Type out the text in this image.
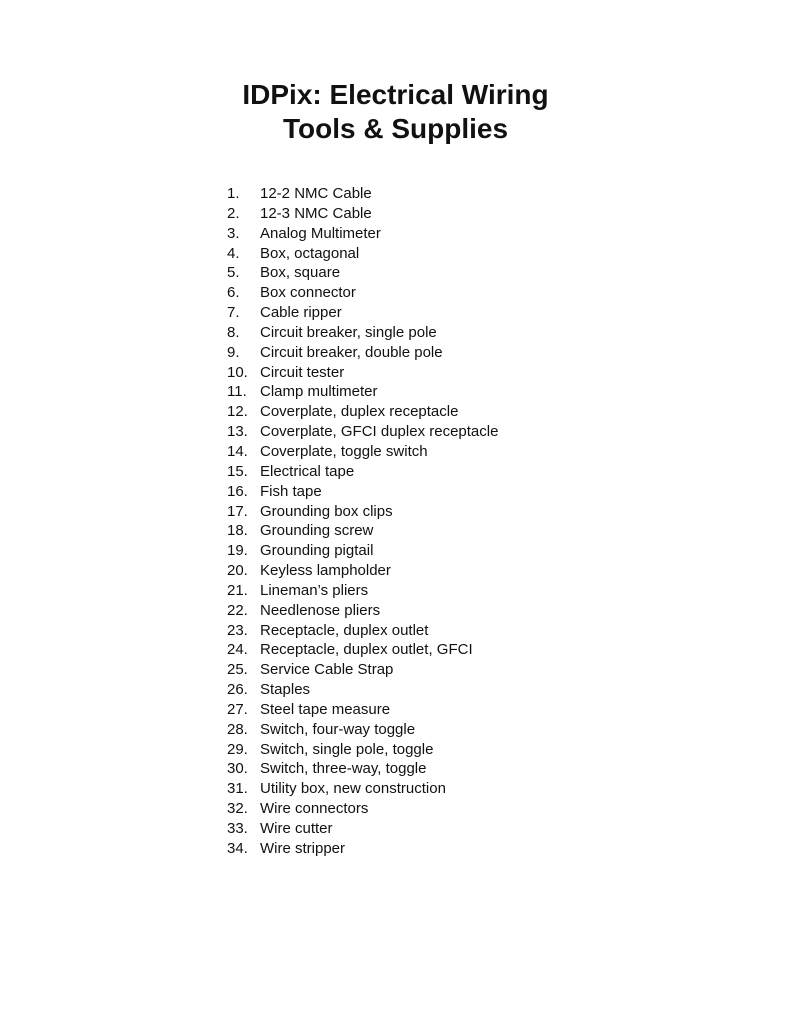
IDPix: Electrical Wiring
Tools & Supplies
1. 12-2 NMC Cable
2. 12-3 NMC Cable
3. Analog Multimeter
4. Box, octagonal
5. Box, square
6. Box connector
7. Cable ripper
8. Circuit breaker, single pole
9. Circuit breaker, double pole
10. Circuit tester
11. Clamp multimeter
12. Coverplate, duplex receptacle
13. Coverplate, GFCI duplex receptacle
14. Coverplate, toggle switch
15. Electrical tape
16. Fish tape
17. Grounding box clips
18. Grounding screw
19. Grounding pigtail
20. Keyless lampholder
21. Lineman’s pliers
22. Needlenose pliers
23. Receptacle, duplex outlet
24. Receptacle, duplex outlet, GFCI
25. Service Cable Strap
26. Staples
27. Steel tape measure
28. Switch, four-way toggle
29. Switch, single pole, toggle
30. Switch, three-way, toggle
31. Utility box, new construction
32. Wire connectors
33. Wire cutter
34. Wire stripper
